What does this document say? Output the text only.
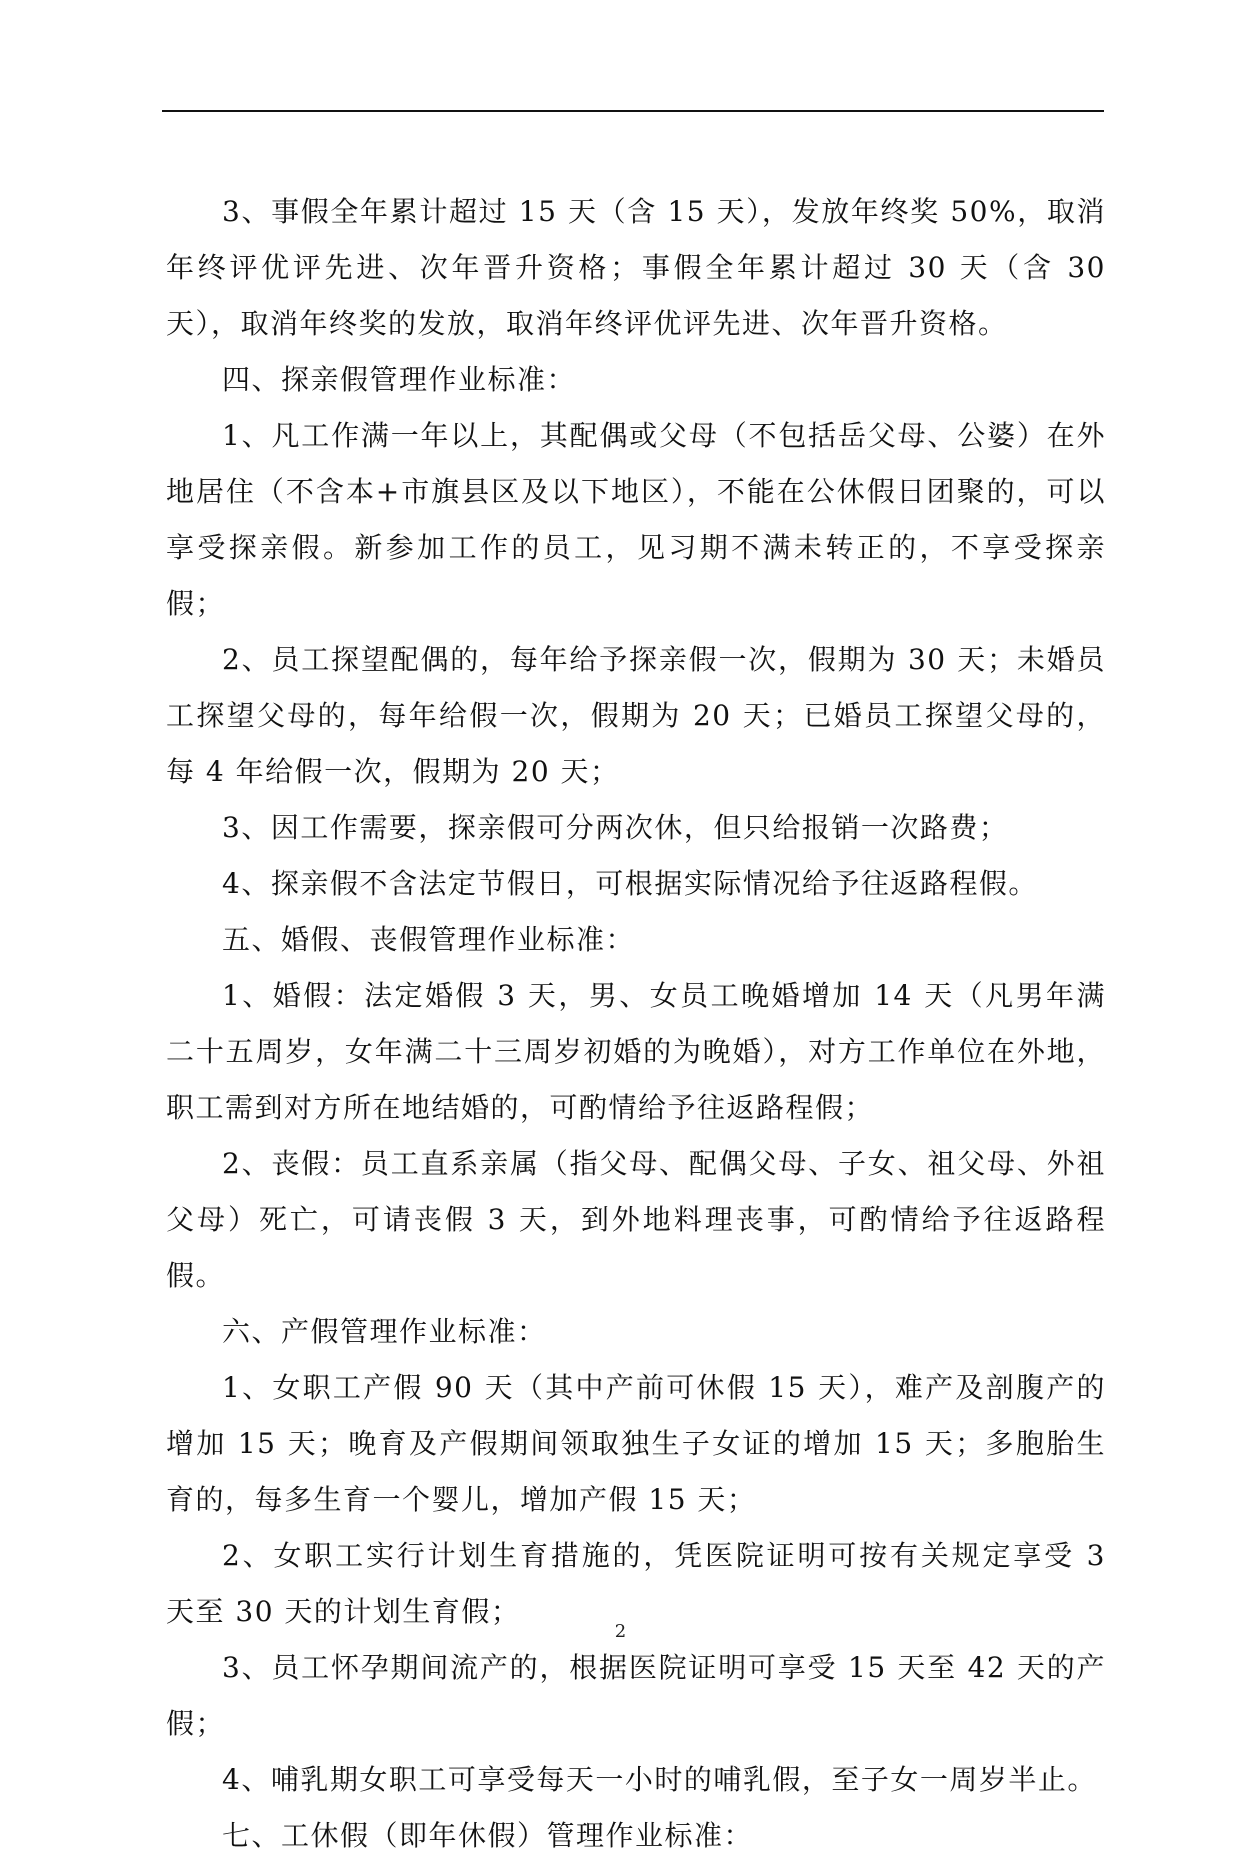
3、事假全年累计超过 15 天（含 15 天），发放年终奖 50%，取消年终评优评先进、次年晋升资格；事假全年累计超过 30 天（含 30 天），取消年终奖的发放，取消年终评优评先进、次年晋升资格。

四、探亲假管理作业标准：

1、凡工作满一年以上，其配偶或父母（不包括岳父母、公婆）在外地居住（不含本+市旗县区及以下地区），不能在公休假日团聚的，可以享受探亲假。新参加工作的员工，见习期不满未转正的，不享受探亲假；

2、员工探望配偶的，每年给予探亲假一次，假期为 30 天；未婚员工探望父母的，每年给假一次，假期为 20 天；已婚员工探望父母的，每 4 年给假一次，假期为 20 天；

3、因工作需要，探亲假可分两次休，但只给报销一次路费；

4、探亲假不含法定节假日，可根据实际情况给予往返路程假。

五、婚假、丧假管理作业标准：

1、婚假：法定婚假 3 天，男、女员工晚婚增加 14 天（凡男年满二十五周岁，女年满二十三周岁初婚的为晚婚），对方工作单位在外地，职工需到对方所在地结婚的，可酌情给予往返路程假；

2、丧假：员工直系亲属（指父母、配偶父母、子女、祖父母、外祖父母）死亡，可请丧假 3 天，到外地料理丧事，可酌情给予往返路程假。

六、产假管理作业标准：

1、女职工产假 90 天（其中产前可休假 15 天），难产及剖腹产的增加 15 天；晚育及产假期间领取独生子女证的增加 15 天；多胞胎生育的，每多生育一个婴儿，增加产假 15 天；

2、女职工实行计划生育措施的，凭医院证明可按有关规定享受 3 天至 30 天的计划生育假；

3、员工怀孕期间流产的，根据医院证明可享受 15 天至 42 天的产假；

4、哺乳期女职工可享受每天一小时的哺乳假，至子女一周岁半止。

七、工休假（即年休假）管理作业标准：

2
